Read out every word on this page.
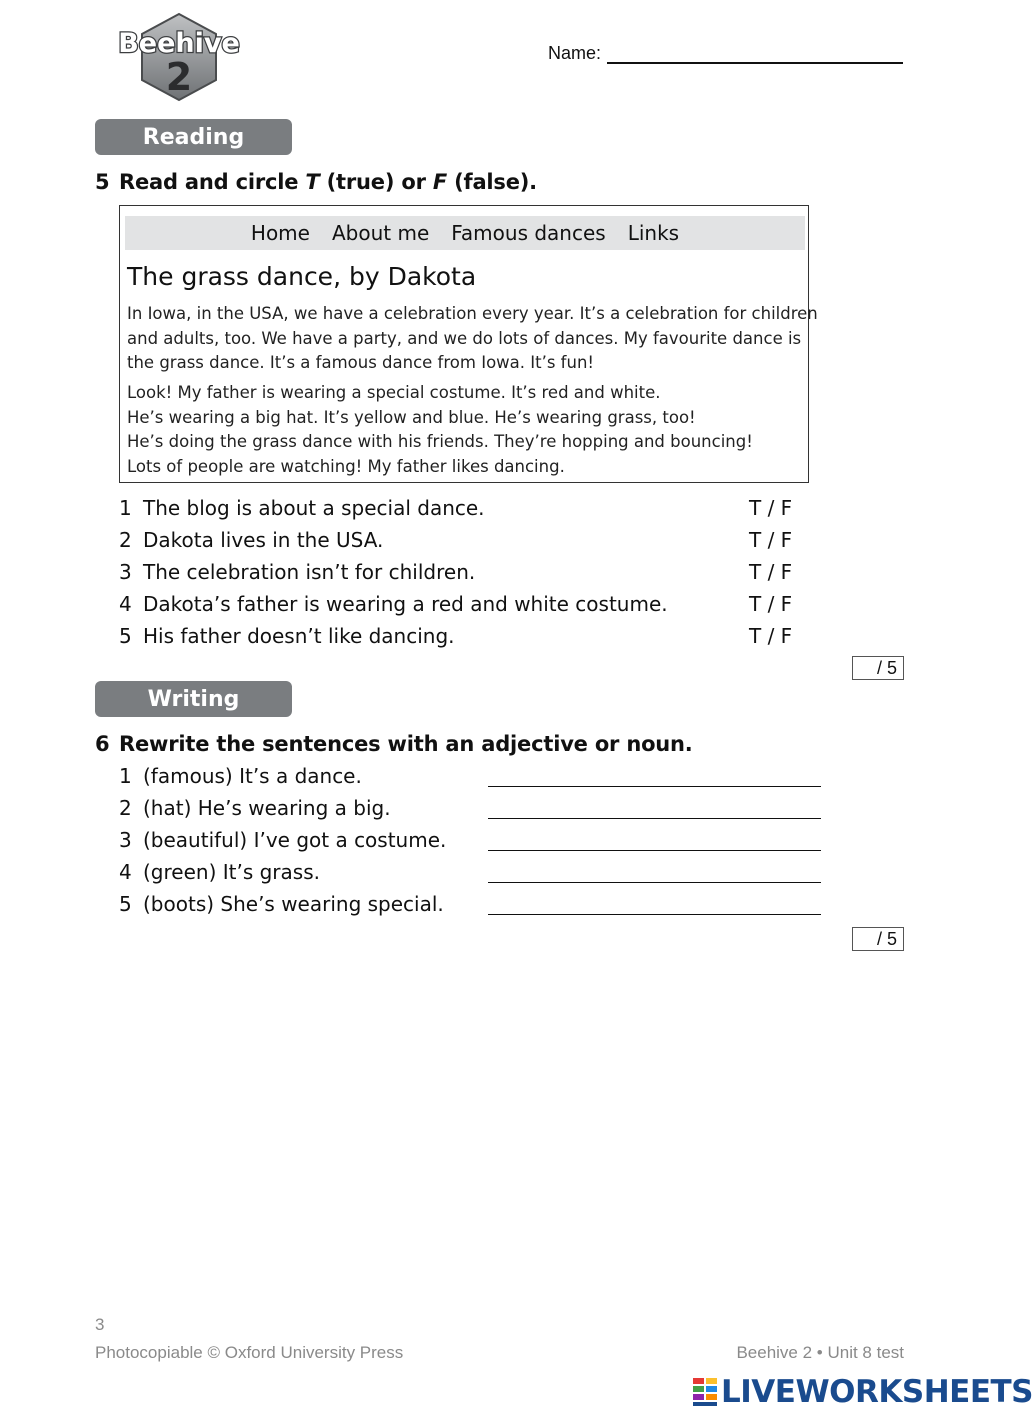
Beehive
2
Name:
Reading
5 Read and circle T (true) or F (false).
Home About me Famous dances Links
The grass dance, by Dakota
In Iowa, in the USA, we have a celebration every year. It’s a celebration for children
and adults, too. We have a party, and we do lots of dances. My favourite dance is
the grass dance. It’s a famous dance from Iowa. It’s fun!
Look! My father is wearing a special costume. It’s red and white.
He’s wearing a big hat. It’s yellow and blue. He’s wearing grass, too!
He’s doing the grass dance with his friends. They’re hopping and bouncing!
Lots of people are watching! My father likes dancing.
1 The blog is about a special dance.	T / F
2 Dakota lives in the USA.	T / F
3 The celebration isn’t for children.	T / F
4 Dakota’s father is wearing a red and white costume.	T / F
5 His father doesn’t like dancing.	T / F
/ 5
Writing
6 Rewrite the sentences with an adjective or noun.
1 (famous) It’s a dance.
2 (hat) He’s wearing a big.
3 (beautiful) I’ve got a costume.
4 (green) It’s grass.
5 (boots) She’s wearing special.
/ 5
3
Photocopiable © Oxford University Press	Beehive 2 • Unit 8 test
LIVEWORKSHEETS
